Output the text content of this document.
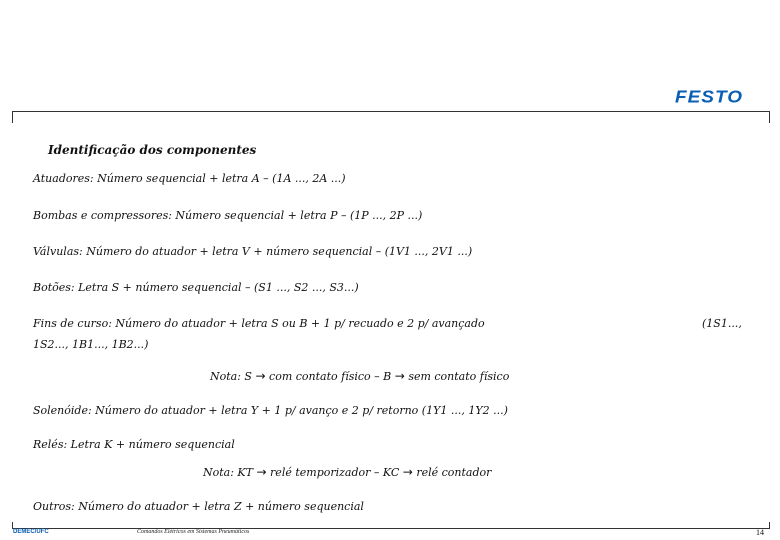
FESTO
Identificação dos componentes
Atuadores: Número sequencial + letra A – (1A ..., 2A ...)
Bombas e compressores: Número sequencial + letra P – (1P ..., 2P ...)
Válvulas: Número do atuador + letra V + número sequencial – (1V1 ..., 2V1 ...)
Botões: Letra S + número sequencial – (S1 ..., S2 ..., S3...)
Fins de curso: Número do atuador + letra S ou B + 1 p/ recuado e 2 p/ avançado	(1S1...,
1S2..., 1B1..., 1B2...)
Nota: S → com contato físico – B → sem contato físico
Solenóide: Número do atuador + letra Y + 1 p/ avanço e 2 p/ retorno (1Y1 ..., 1Y2 ...)
Relés: Letra K + número sequencial
Nota: KT → relé temporizador – KC → relé contador
Outros: Número do atuador + letra Z + número sequencial
DEMEC/UFC	Comandos Elétricos em Sistemas Pneumáticos	14
